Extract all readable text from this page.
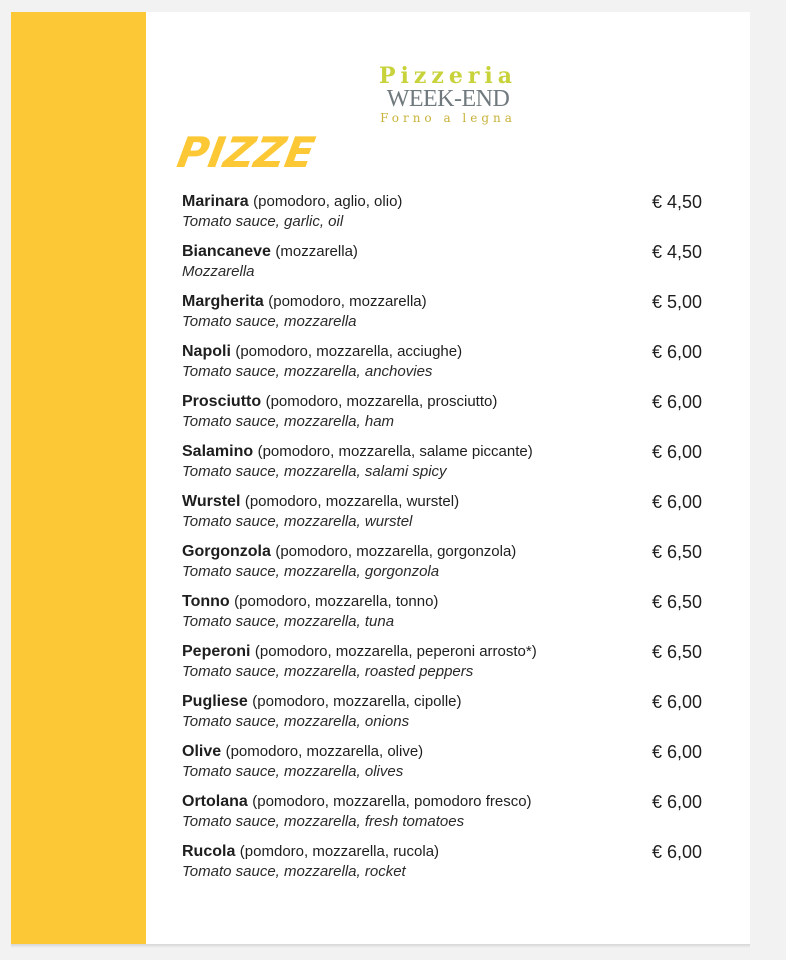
Pizzeria

WEEK-END

Forno a legna

PIZZE
Marinara (pomodoro, aglio, olio)
Tomato sauce, garlic, oil
€ 4,50
Biancaneve (mozzarella)
Mozzarella
€ 4,50
Margherita (pomodoro, mozzarella)
Tomato sauce, mozzarella
€ 5,00
Napoli (pomodoro, mozzarella, acciughe)
Tomato sauce, mozzarella, anchovies
€ 6,00
Prosciutto (pomodoro, mozzarella, prosciutto)
Tomato sauce, mozzarella, ham
€ 6,00
Salamino (pomodoro, mozzarella, salame piccante)
Tomato sauce, mozzarella, salami spicy
€ 6,00
Wurstel (pomodoro, mozzarella, wurstel)
Tomato sauce, mozzarella, wurstel
€ 6,00
Gorgonzola (pomodoro, mozzarella, gorgonzola)
Tomato sauce, mozzarella, gorgonzola
€ 6,50
Tonno (pomodoro, mozzarella, tonno)
Tomato sauce, mozzarella, tuna
€ 6,50
Peperoni (pomodoro, mozzarella, peperoni arrosto*)
Tomato sauce, mozzarella, roasted peppers
€ 6,50
Pugliese (pomodoro, mozzarella, cipolle)
Tomato sauce, mozzarella, onions
€ 6,00
Olive (pomodoro, mozzarella, olive)
Tomato sauce, mozzarella, olives
€ 6,00
Ortolana (pomodoro, mozzarella, pomodoro fresco)
Tomato sauce, mozzarella, fresh tomatoes
€ 6,00
Rucola (pomdoro, mozzarella, rucola)
Tomato sauce, mozzarella, rocket
€ 6,00
